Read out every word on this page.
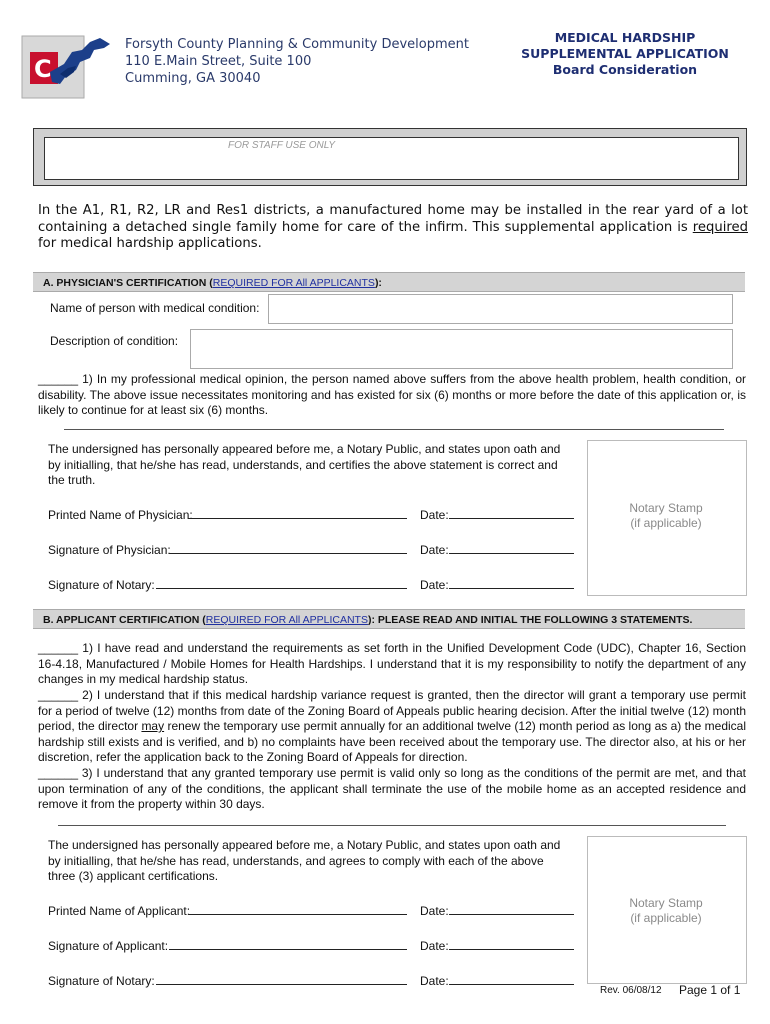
C
Forsyth County Planning & Community Development
110 E.Main Street, Suite 100
Cumming, GA 30040
MEDICAL HARDSHIP
SUPPLEMENTAL APPLICATION
Board Consideration
FOR STAFF USE ONLY
In the A1, R1, R2, LR and Res1 districts, a manufactured home may be installed in the rear yard of a lot containing a detached single family home for care of the infirm. This supplemental application is required for medical hardship applications.
A. PHYSICIAN'S CERTIFICATION (REQUIRED FOR All APPLICANTS):
Name of person with medical condition:
Description of condition:
______ 1) In my professional medical opinion, the person named above suffers from the above health problem, health condition, or disability. The above issue necessitates monitoring and has existed for six (6) months or more before the date of this application or, is likely to continue for at least six (6) months.
The undersigned has personally appeared before me, a Notary Public, and states upon oath and by initialling, that he/she has read, understands, and certifies the above statement is correct and the truth.
Printed Name of Physician:	Date:
Signature of Physician:	Date:
Signature of Notary:	Date:
Notary Stamp
(if applicable)
B. APPLICANT CERTIFICATION (REQUIRED FOR All APPLICANTS): PLEASE READ AND INITIAL THE FOLLOWING 3 STATEMENTS.
______ 1) I have read and understand the requirements as set forth in the Unified Development Code (UDC), Chapter 16, Section 16-4.18, Manufactured / Mobile Homes for Health Hardships. I understand that it is my responsibility to notify the department of any changes in my medical hardship status.
______ 2) I understand that if this medical hardship variance request is granted, then the director will grant a temporary use permit for a period of twelve (12) months from date of the Zoning Board of Appeals public hearing decision. After the initial twelve (12) month period, the director may renew the temporary use permit annually for an additional twelve (12) month period as long as a) the medical hardship still exists and is verified, and b) no complaints have been received about the temporary use. The director also, at his or her discretion, refer the application back to the Zoning Board of Appeals for direction.
______ 3) I understand that any granted temporary use permit is valid only so long as the conditions of the permit are met, and that upon termination of any of the conditions, the applicant shall terminate the use of the mobile home as an accepted residence and remove it from the property within 30 days.
The undersigned has personally appeared before me, a Notary Public, and states upon oath and by initialling, that he/she has read, understands, and agrees to comply with each of the above three (3) applicant certifications.
Printed Name of Applicant:	Date:
Signature of Applicant:	Date:
Signature of Notary:	Date:
Notary Stamp
(if applicable)
Rev. 06/08/12 Page 1 of 1
